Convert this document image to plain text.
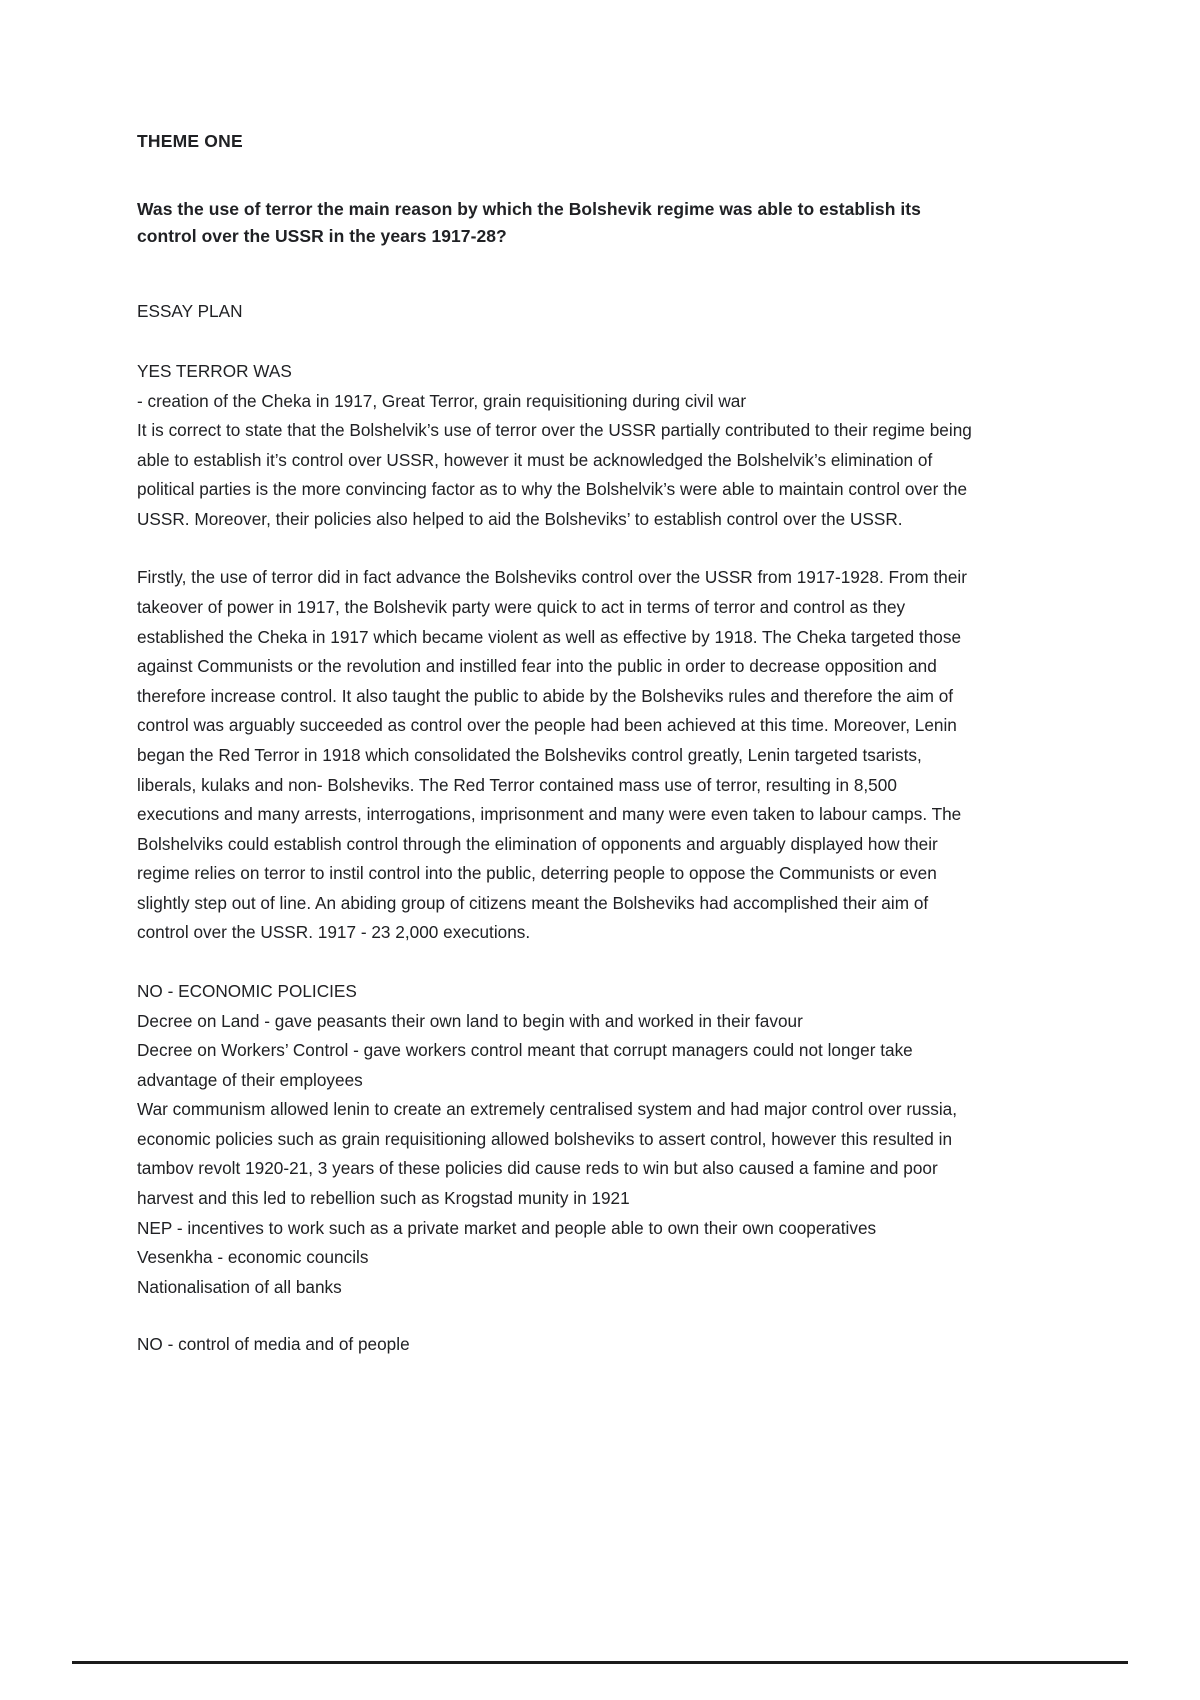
THEME ONE
Was the use of terror the main reason by which the Bolshevik regime was able to establish its control over the USSR in the years 1917-28?
ESSAY PLAN
YES TERROR WAS
- creation of the Cheka in 1917, Great Terror, grain requisitioning during civil war
It is correct to state that the Bolshelvik’s use of terror over the USSR partially contributed to their regime being able to establish it’s control over USSR, however it must be acknowledged the Bolshelvik’s elimination of political parties is the more convincing factor as to why the Bolshelvik’s were able to maintain control over the USSR. Moreover, their policies also helped to aid the Bolsheviks’ to establish control over the USSR.
Firstly, the use of terror did in fact advance the Bolsheviks control over the USSR from 1917-1928. From their takeover of power in 1917, the Bolshevik party were quick to act in terms of terror and control as they established the Cheka in 1917 which became violent as well as effective by 1918. The Cheka targeted those against Communists or the revolution and instilled fear into the public in order to decrease opposition and therefore increase control. It also taught the public to abide by the Bolsheviks rules and therefore the aim of control was arguably succeeded as control over the people had been achieved at this time. Moreover, Lenin began the Red Terror in 1918 which consolidated the Bolsheviks control greatly, Lenin targeted tsarists, liberals, kulaks and non- Bolsheviks. The Red Terror contained mass use of terror, resulting in 8,500 executions and many arrests, interrogations, imprisonment and many were even taken to labour camps. The Bolshelviks could establish control through the elimination of opponents and arguably displayed how their regime relies on terror to instil control into the public, deterring people to oppose the Communists or even slightly step out of line. An abiding group of citizens meant the Bolsheviks had accomplished their aim of control over the USSR. 1917 - 23 2,000 executions.
NO - ECONOMIC POLICIES
Decree on Land - gave peasants their own land to begin with and worked in their favour
Decree on Workers’ Control - gave workers control meant that corrupt managers could not longer take advantage of their employees
War communism allowed lenin to create an extremely centralised system and had major control over russia, economic policies such as grain requisitioning allowed bolsheviks to assert control, however this resulted in tambov revolt 1920-21, 3 years of these policies did cause reds to win but also caused a famine and poor harvest and this led to rebellion such as Krogstad munity in 1921
NEP - incentives to work such as a private market and people able to own their own cooperatives
Vesenkha - economic councils
Nationalisation of all banks
NO - control of media and of people
